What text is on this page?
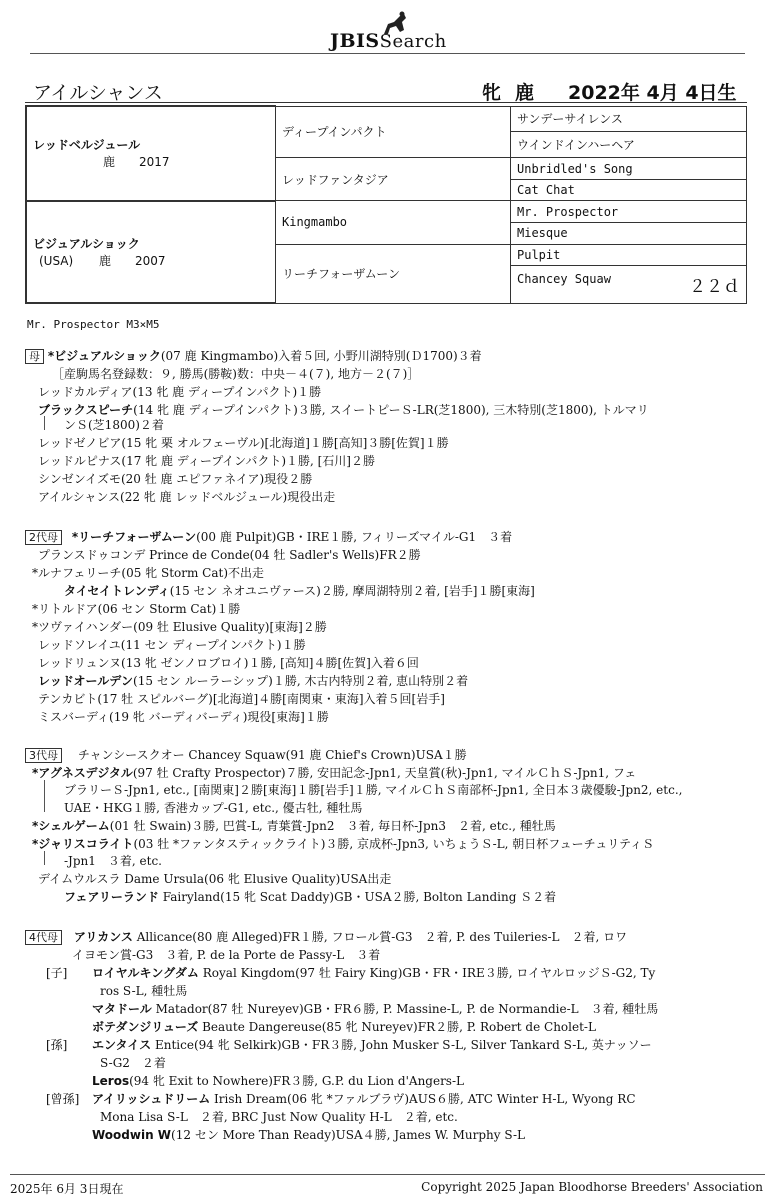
JBISSearch
アイルシャンス	牝 鹿 2022年 4月 4日生
レッドベルジュール
鹿　　2017	ディープインパクト	サンデーサイレンス
		ウインドインハーヘア
	レッドファンタジア	Unbridled's Song
		Cat Chat

ビジュアルショック
(USA) 鹿　　2007	Kingmambo	Mr. Prospector
		Miesque
	リーチフォーザムーン	Pulpit
		Chancey Squaw ２２ｄ
Mr. Prospector M3×M5
母 *ビジュアルショック(07 鹿 Kingmambo)入着５回, 小野川湖特別(Ｄ1700)３着
［産駒馬名登録数：９, 勝馬(勝鞍)数：中央－４(７), 地方－２(７)］
レッドカルディア(13 牝 鹿 ディープインパクト)１勝
ブラックスピーチ(14 牝 鹿 ディープインパクト)３勝, スイートピーＳ-LR(芝1800), 三木特別(芝1800), トルマリ
ンＳ(芝1800)２着
レッドゼノビア(15 牝 栗 オルフェーヴル)[北海道]１勝[高知]３勝[佐賀]１勝
レッドルピナス(17 牝 鹿 ディープインパクト)１勝, [石川]２勝
シンゼンイズモ(20 牡 鹿 エピファネイア)現役２勝
アイルシャンス(22 牝 鹿 レッドベルジュール)現役出走
2代母 *リーチフォーザムーン(00 鹿 Pulpit)GB・IRE１勝, フィリーズマイル-G1　３着
プランスドゥコンデ Prince de Conde(04 牡 Sadler's Wells)FR２勝
*ルナフェリーチ(05 牝 Storm Cat)不出走
タイセイトレンディ(15 セン ネオユニヴァース)２勝, 摩周湖特別２着, [岩手]１勝[東海]
*リトルドア(06 セン Storm Cat)１勝
*ツヴァイハンダー(09 牡 Elusive Quality)[東海]２勝
レッドソレイユ(11 セン ディープインパクト)１勝
レッドリュンヌ(13 牝 ゼンノロブロイ)１勝, [高知]４勝[佐賀]入着６回
レッドオールデン(15 セン ルーラーシップ)１勝, 木古内特別２着, 恵山特別２着
テンカビト(17 牡 スピルバーグ)[北海道]４勝[南関東・東海]入着５回[岩手]
ミスバーディ(19 牝 バーディバーディ)現役[東海]１勝
3代母 チャンシースクオー Chancey Squaw(91 鹿 Chief's Crown)USA１勝
*アグネスデジタル(97 牡 Crafty Prospector)７勝, 安田記念-Jpn1, 天皇賞(秋)-Jpn1, マイルＣｈＳ-Jpn1, フェ
ブラリーＳ-Jpn1, etc., [南関東]２勝[東海]１勝[岩手]１勝, マイルＣｈＳ南部杯-Jpn1, 全日本３歳優駿-Jpn2, etc.,
UAE・HKG１勝, 香港カップ-G1, etc., 優古牡, 種牡馬
*シェルゲーム(01 牡 Swain)３勝, 巴賞-L, 青葉賞-Jpn2　３着, 毎日杯-Jpn3　２着, etc., 種牡馬
*ジャリスコライト(03 牡 *ファンタスティックライト)３勝, 京成杯-Jpn3, いちょうＳ-L, 朝日杯フューチュリティＳ
-Jpn1　３着, etc.
デイムウルスラ Dame Ursula(06 牝 Elusive Quality)USA出走
フェアリーランド Fairyland(15 牝 Scat Daddy)GB・USA２勝, Bolton Landing Ｓ２着
4代母 アリカンス Allicance(80 鹿 Alleged)FR１勝, フロール賞-G3　２着, P. des Tuileries-L　２着, ロワ
イヨモン賞-G3　３着, P. de la Porte de Passy-L　３着
[子] ロイヤルキングダム Royal Kingdom(97 牡 Fairy King)GB・FR・IRE３勝, ロイヤルロッジＳ-G2, Ty
ros S-L, 種牡馬
マタドール Matador(87 牡 Nureyev)GB・FR６勝, P. Massine-L, P. de Normandie-L　３着, 種牡馬
ボテダンジリューズ Beaute Dangereuse(85 牝 Nureyev)FR２勝, P. Robert de Cholet-L
[孫] エンタイス Entice(94 牝 Selkirk)GB・FR３勝, John Musker S-L, Silver Tankard S-L, 英ナッソー
S-G2　２着
Leros(94 牝 Exit to Nowhere)FR３勝, G.P. du Lion d'Angers-L
[曾孫] アイリッシュドリーム Irish Dream(06 牝 *ファルブラヴ)AUS６勝, ATC Winter H-L, Wyong RC
Mona Lisa S-L　２着, BRC Just Now Quality H-L　２着, etc.
Woodwin W(12 セン More Than Ready)USA４勝, James W. Murphy S-L
2025年 6月 3日現在	Copyright 2025 Japan Bloodhorse Breeders' Association
